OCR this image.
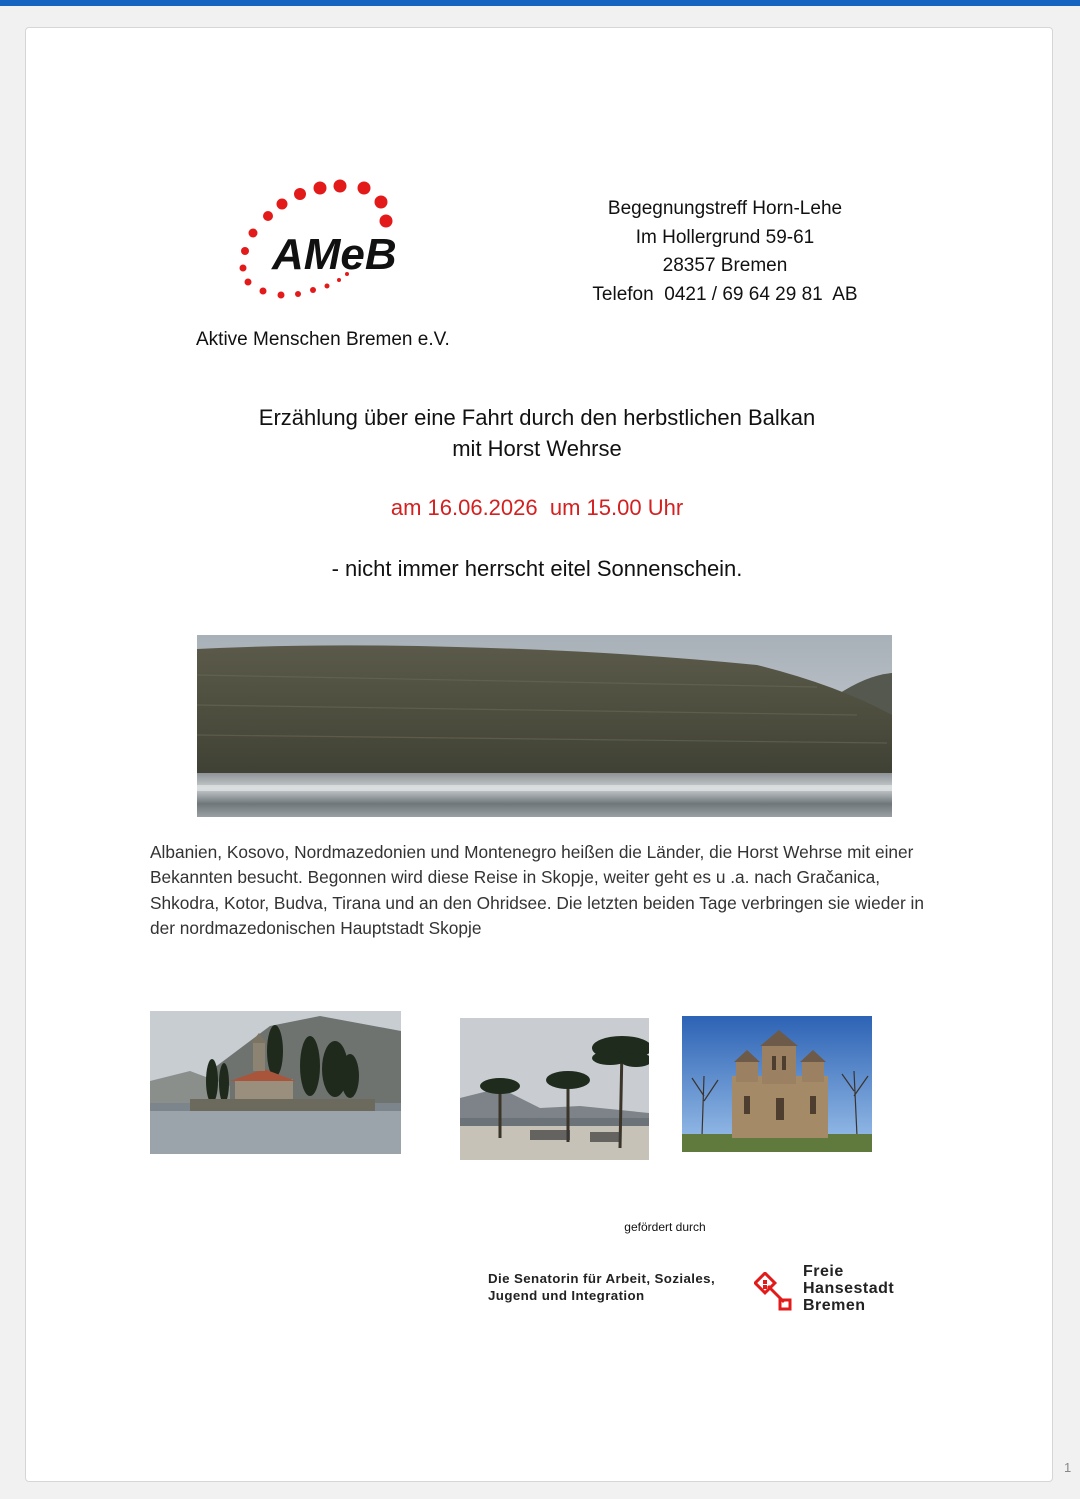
AMeB
Aktive Menschen Bremen e.V.
Begegnungstreff Horn-Lehe
Im Hollergrund 59-61
28357 Bremen
Telefon  0421 / 69 64 29 81  AB
Erzählung über eine Fahrt durch den herbstlichen Balkan
mit Horst Wehrse
am 16.06.2026  um 15.00 Uhr
- nicht immer herrscht eitel Sonnenschein.
Albanien, Kosovo, Nordmazedonien und Montenegro heißen die Länder, die Horst Wehrse mit einer Bekannten besucht. Begonnen wird diese Reise in Skopje, weiter geht es u .a. nach Gračanica, Shkodra, Kotor, Budva, Tirana und an den Ohridsee. Die letzten beiden Tage verbringen sie wieder in der nordmazedonischen Hauptstadt Skopje
gefördert durch
Die Senatorin für Arbeit, Soziales,
Jugend und Integration
Freie
Hansestadt
Bremen
1
